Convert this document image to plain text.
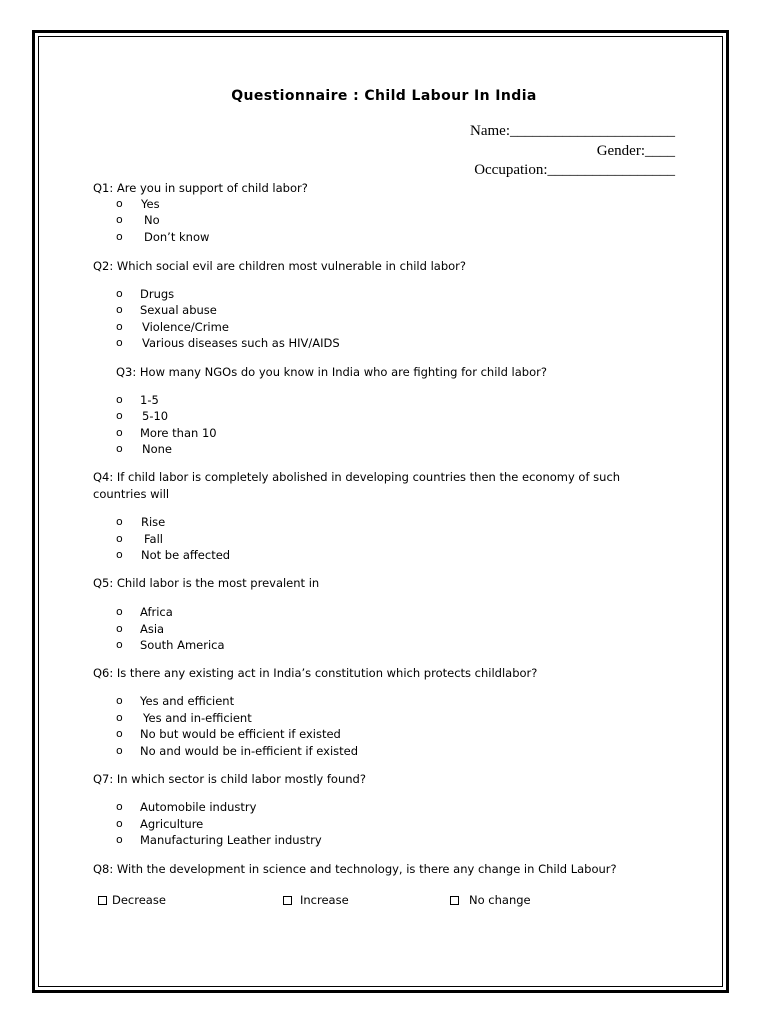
Questionnaire : Child Labour In India
Name:______________________
Gender:____
Occupation:_________________
Q1: Are you in support of child labor?
o Yes
o No
o Don’t know
Q2: Which social evil are children most vulnerable in child labor?
o Drugs
o Sexual abuse
o Violence/Crime
o Various diseases such as HIV/AIDS
Q3: How many NGOs do you know in India who are fighting for child labor?
o 1-5
o 5-10
o More than 10
o None
Q4: If child labor is completely abolished in developing countries then the economy of such
countries will
o Rise
o Fall
o Not be affected
Q5: Child labor is the most prevalent in
o Africa
o Asia
o South America
Q6: Is there any existing act in India’s constitution which protects childlabor?
o Yes and efficient
o Yes and in-efficient
o No but would be efficient if existed
o No and would be in-efficient if existed
Q7: In which sector is child labor mostly found?
o Automobile industry
o Agriculture
o Manufacturing Leather industry
Q8: With the development in science and technology, is there any change in Child Labour?
Decrease	Increase	No change
